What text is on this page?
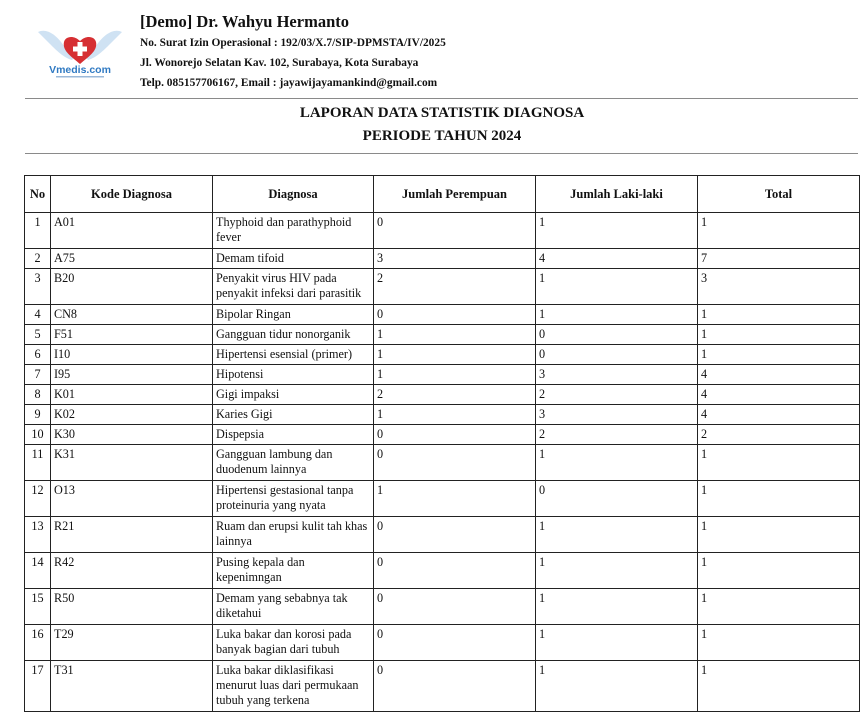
Vmedis.com
[Demo] Dr. Wahyu Hermanto
No. Surat Izin Operasional : 192/03/X.7/SIP-DPMSTA/IV/2025
Jl. Wonorejo Selatan Kav. 102, Surabaya, Kota Surabaya
Telp. 085157706167, Email : jayawijayamankind@gmail.com
LAPORAN DATA STATISTIK DIAGNOSA
PERIODE TAHUN 2024
No	Kode Diagnosa	Diagnosa	Jumlah Perempuan	Jumlah Laki-laki	Total
1	A01	Thyphoid dan parathyphoid fever	0	1	1
2	A75	Demam tifoid	3	4	7
3	B20	Penyakit virus HIV pada penyakit infeksi dari parasitik	2	1	3
4	CN8	Bipolar Ringan	0	1	1
5	F51	Gangguan tidur nonorganik	1	0	1
6	I10	Hipertensi esensial (primer)	1	0	1
7	I95	Hipotensi	1	3	4
8	K01	Gigi impaksi	2	2	4
9	K02	Karies Gigi	1	3	4
10	K30	Dispepsia	0	2	2
11	K31	Gangguan lambung dan duodenum lainnya	0	1	1
12	O13	Hipertensi gestasional tanpa proteinuria yang nyata	1	0	1
13	R21	Ruam dan erupsi kulit tah khas lainnya	0	1	1
14	R42	Pusing kepala dan kepenimngan	0	1	1
15	R50	Demam yang sebabnya tak diketahui	0	1	1
16	T29	Luka bakar dan korosi pada banyak bagian dari tubuh	0	1	1
17	T31	Luka bakar diklasifikasi menurut luas dari permukaan tubuh yang terkena	0	1	1
